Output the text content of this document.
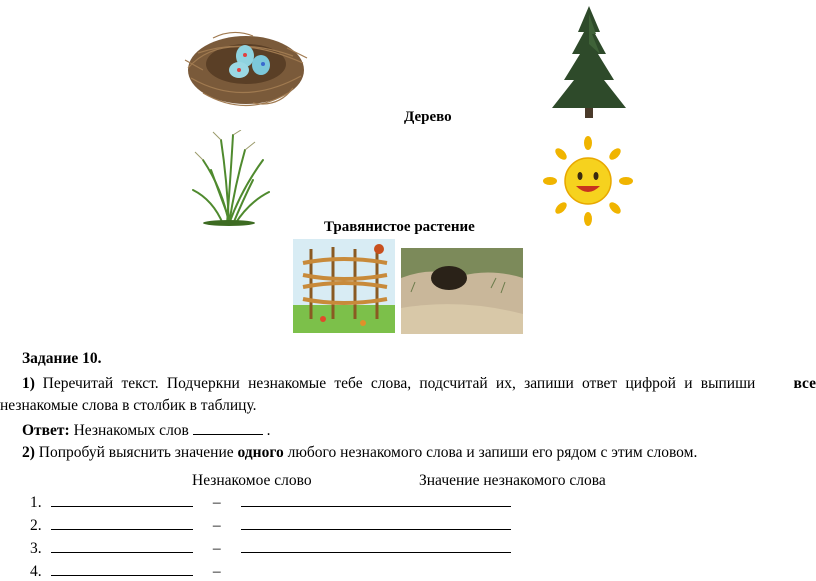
Дерево
Травянистое растение
Задание 10.
1) Перечитай текст. Подчеркни незнакомые тебе слова, подсчитай их, запиши ответ цифрой и выпиши все
незнакомые слова в столбик в таблицу.
Ответ: Незнакомых слов	.
2) Попробуй выяснить значение одного любого незнакомого слова и запиши его рядом с этим словом.
Незнакомое слово	Значение незнакомого слова
1.	–
2.	–
3.	–
4.	–
